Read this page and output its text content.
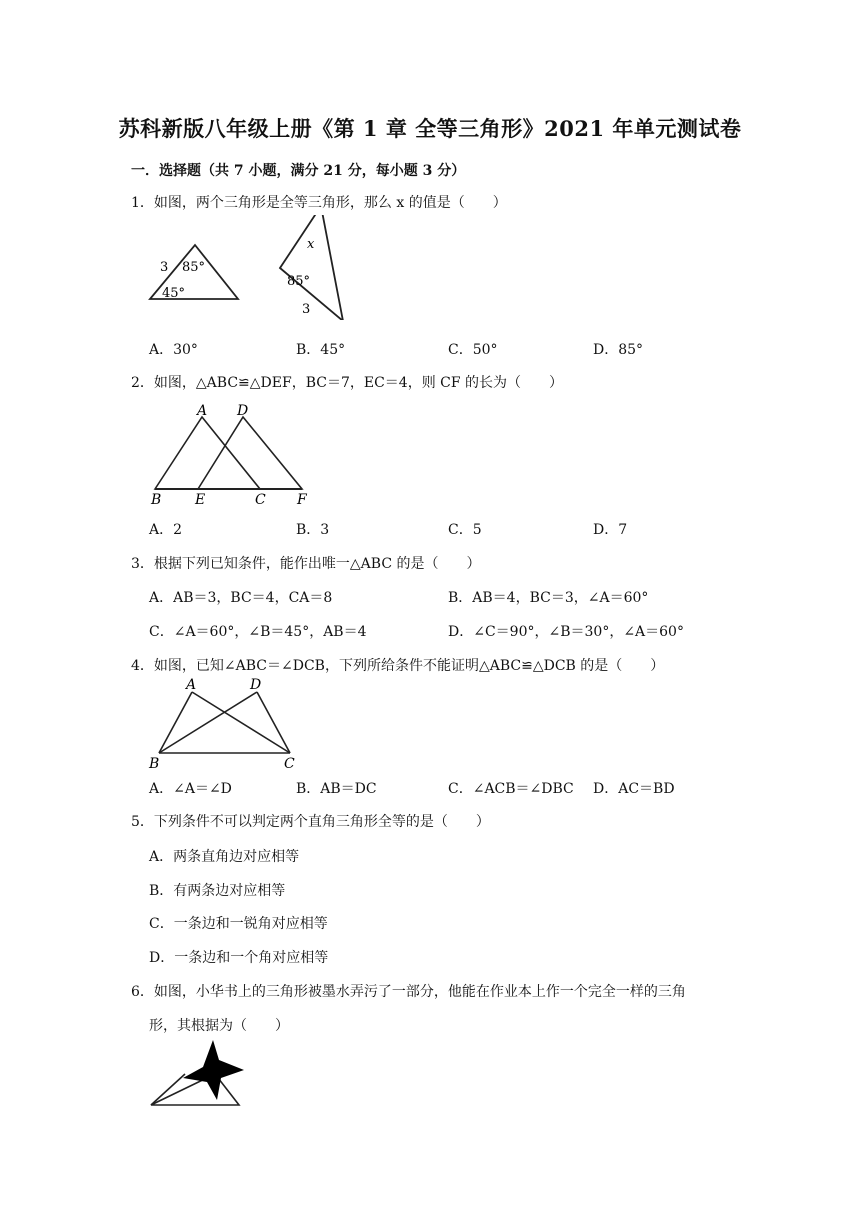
苏科新版八年级上册《第 1 章 全等三角形》2021 年单元测试卷
一．选择题（共 7 小题，满分 21 分，每小题 3 分）
1．如图，两个三角形是全等三角形，那么 x 的值是（　　）
3 85°
45°
x
85°
3
A．30°	B．45°	C．50°	D．85°
2．如图，△ABC≌△DEF，BC＝7，EC＝4，则 CF 的长为（　　）
A D
B E	C F
A．2	B．3	C．5	D．7
3．根据下列已知条件，能作出唯一△ABC 的是（　　）
A．AB＝3，BC＝4，CA＝8	B．AB＝4，BC＝3，∠A＝60°
C．∠A＝60°，∠B＝45°，AB＝4	D．∠C＝90°，∠B＝30°，∠A＝60°
4．如图，已知∠ABC＝∠DCB，下列所给条件不能证明△ABC≌△DCB 的是（　　）
A	D
B	C
A．∠A＝∠D	B．AB＝DC	C．∠ACB＝∠DBC D．AC＝BD
5．下列条件不可以判定两个直角三角形全等的是（　　）
A．两条直角边对应相等
B．有两条边对应相等
C．一条边和一锐角对应相等
D．一条边和一个角对应相等
6．如图，小华书上的三角形被墨水弄污了一部分，他能在作业本上作一个完全一样的三角
形，其根据为（　　）
